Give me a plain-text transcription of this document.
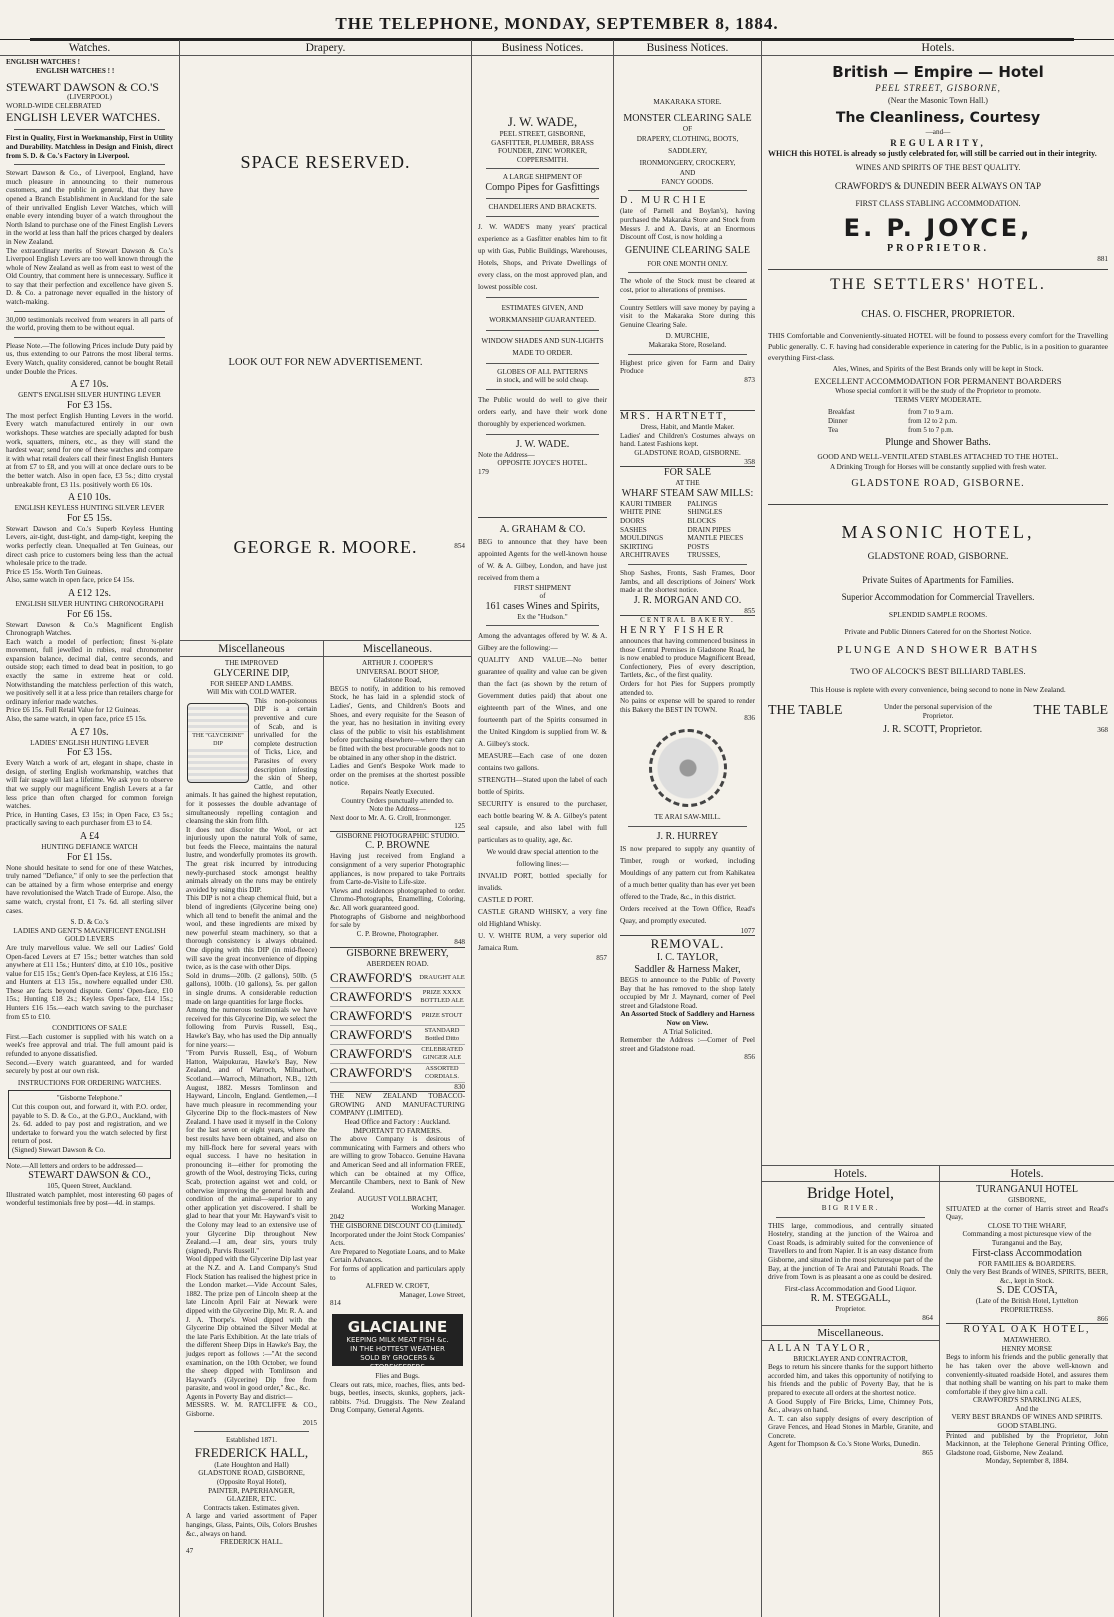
THE TELEPHONE, MONDAY, SEPTEMBER 8, 1884.
Watches.
ENGLISH WATCHES !
ENGLISH WATCHES ! !
STEWART DAWSON & CO.'S
(LIVERPOOL)
WORLD-WIDE CELEBRATED
ENGLISH LEVER WATCHES.
First in Quality, First in Workmanship, First in Utility and Durability. Matchless in Design and Finish, direct from S. D. & Co.'s Factory in Liverpool.
Stewart Dawson & Co., of Liverpool, England, have much pleasure in announcing to their numerous customers, and the public in general, that they have opened a Branch Establishment in Auckland for the sale of their unrivalled English Lever Watches, which will enable every intending buyer of a watch throughout the North Island to purchase one of the Finest English Levers in the world at less than half the prices charged by dealers in New Zealand.
The extraordinary merits of Stewart Dawson & Co.'s Liverpool English Levers are too well known through the whole of New Zealand as well as from east to west of the Old Country, that comment here is unnecessary. Suffice it to say that their perfection and excellence have given S. D. & Co. a patronage never equalled in the history of watch-making.
30,000 testimonials received from wearers in all parts of the world, proving them to be without equal.
Please Note.—The following Prices include Duty paid by us, thus extending to our Patrons the most liberal terms. Every Watch, quality considered, cannot be bought Retail under Double the Prices.
A £7 10s.
GENT'S ENGLISH SILVER HUNTING LEVER
For £3 15s.
The most perfect English Hunting Levers in the world. Every watch manufactured entirely in our own workshops. These watches are specially adapted for bush work, squatters, miners, etc., as they will stand the hardest wear; send for one of these watches and compare it with what retail dealers call their finest English Hunters at from £7 to £8, and you will at once declare ours to be the better watch. Also in open face, £3 5s.; ditto crystal unbreakable front, £3 11s. positively worth £6 10s.
A £10 10s.
ENGLISH KEYLESS HUNTING SILVER LEVER
For £5 15s.
Stewart Dawson and Co.'s Superb Keyless Hunting Levers, air-tight, dust-tight, and damp-tight, keeping the works perfectly clean. Unequalled at Ten Guineas, our direct cash price to customers being less than the actual wholesale price to the trade.
Price £5 15s. Worth Ten Guineas.
Also, same watch in open face, price £4 15s.
A £12 12s.
ENGLISH SILVER HUNTING CHRONOGRAPH
For £6 15s.
Stewart Dawson & Co.'s Magnificent English Chronograph Watches.
Each watch a model of perfection; finest ¾-plate movement, full jewelled in rubies, real chronometer expansion balance, decimal dial, centre seconds, and outside stop; each timed to dead beat in position, to go exactly the same in extreme heat or cold. Notwithstanding the matchless perfection of this watch, we positively sell it at a less price than retailers charge for ordinary inferior made watches.
Price £6 15s. Full Retail Value for 12 Guineas.
Also, the same watch, in open face, price £5 15s.
A £7 10s.
LADIES' ENGLISH HUNTING LEVER
For £3 15s.
Every Watch a work of art, elegant in shape, chaste in design, of sterling English workmanship, watches that will fair usage will last a lifetime. We ask you to observe that we supply our magnificent English Levers at a far less price than often charged for common foreign watches.
Price, in Hunting Cases, £3 15s; in Open Face, £3 5s.; practically saving to each purchaser from £3 to £4.
A £4
HUNTING DEFIANCE WATCH
For £1 15s.
None should hesitate to send for one of these Watches, truly named "Defiance," if only to see the perfection that can be attained by a firm whose enterprise and energy have revolutionised the Watch Trade of Europe. Also, the same watch, crystal front, £1 7s. 6d. all sterling silver cases.
S. D. & Co.'s
LADIES AND GENT'S MAGNIFICENT ENGLISH GOLD LEVERS
Are truly marvellous value. We sell our Ladies' Gold Open-faced Levers at £7 15s.; better watches than sold anywhere at £11 15s.; Hunters' ditto, at £10 10s., positive value for £15 15s.; Gent's Open-face Keyless, at £16 15s.; and Hunters at £13 15s., nowhere equalled under £30. These are facts beyond dispute. Gents' Open-face, £10 15s.; Hunting £18 2s.; Keyless Open-face, £14 15s.; Hunters £16 15s.—each watch saving to the purchaser from £5 to £10.
CONDITIONS OF SALE
First.—Each customer is supplied with his watch on a week's free approval and trial. The full amount paid is refunded to anyone dissatisfied.
Second.—Every watch guaranteed, and for warded securely by post at our own risk.
INSTRUCTIONS FOR ORDERING WATCHES.
"Gisborne Telephone."
Cut this coupon out, and forward it, with P.O. order, payable to S. D. & Co., at the G.P.O., Auckland, with 2s. 6d. added to pay post and registration, and we undertake to forward you the watch selected by first return of post.
(Signed) Stewart Dawson & Co.
Note.—All letters and orders to be addressed—
STEWART DAWSON & CO.,
105, Queen Street, Auckland.
Illustrated watch pamphlet, most interesting 60 pages of wonderful testimonials free by post—4d. in stamps.
Drapery.
SPACE RESERVED.
LOOK OUT FOR NEW ADVERTISEMENT.
GEORGE R. MOORE.	854
Miscellaneous
THE IMPROVED
GLYCERINE DIP,
FOR SHEEP AND LAMBS.
Will Mix with COLD WATER.
THE "GLYCERINE" DIP
This non-poisonous DIP is a certain preventive and cure of Scab, and is unrivalled for the complete destruction of Ticks, Lice, and Parasites of every description infesting the skin of Sheep, Cattle, and other animals. It has gained the highest reputation, for it possesses the double advantage of simultaneously repelling contagion and cleansing the skin from filth.
It does not discolor the Wool, or act injuriously upon the natural Yolk of same, but feeds the Fleece, maintains the natural lustre, and wonderfully promotes its growth. The great risk incurred by introducing newly-purchased stock amongst healthy animals already on the runs may be entirely avoided by using this DIP.
This DIP is not a cheap chemical fluid, but a blend of ingredients (Glycerine being one) which all tend to benefit the animal and the wool, and these ingredients are mixed by new powerful steam machinery, so that a thorough consistency is always obtained. One dipping with this DIP (in mid-fleece) will save the great inconvenience of dipping twice, as is the case with other Dips.
Sold in drums—20lb. (2 gallons), 50lb. (5 gallons), 100lb. (10 gallons), 5s. per gallon in single drums. A considerable reduction made on large quantities for large flocks.
Among the numerous testimonials we have received for this Glycerine Dip, we select the following from Purvis Russell, Esq., Hawke's Bay, who has used the Dip annually for nine years:—
"From Purvis Russell, Esq., of Woburn Hatton, Waipukurau, Hawke's Bay, New Zealand, and of Warroch, Milnathort, Scotland.—Warroch, Milnathort, N.B., 12th August, 1882. Messrs Tomlinson and Hayward, Lincoln, England. Gentlemen,—I have much pleasure in recommending your Glycerine Dip to the flock-masters of New Zealand. I have used it myself in the Colony for the last seven or eight years, where the best results have been obtained, and also on my hill-flock here for several years with equal success. I have no hesitation in pronouncing it—either for promoting the growth of the Wool, destroying Ticks, curing Scab, protection against wet and cold, or otherwise improving the general health and condition of the animal—superior to any other application yet discovered. I shall be glad to hear that your Mr. Hayward's visit to the Colony may lead to an extensive use of your Glycerine Dip throughout New Zealand.—I am, dear sirs, yours truly (signed), Purvis Russell."
Wool dipped with the Glycerine Dip last year at the N.Z. and A. Land Company's Stud Flock Station has realised the highest price in the London market.—Vide Account Sales, 1882. The prize pen of Lincoln sheep at the late Lincoln April Fair at Newark were dipped with the Glycerine Dip, Mr. R. A. and J. A. Thorpe's. Wool dipped with the Glycerine Dip obtained the Silver Medal at the late Paris Exhibition. At the late trials of the different Sheep Dips in Hawke's Bay, the judges report as follows :—"At the second examination, on the 10th October, we found the sheep dipped with Tomlinson and Hayward's (Glycerine) Dip free from parasite, and wool in good order," &c., &c.
Agents in Poverty Bay and district—
MESSRS. W. M. RATCLIFFE & CO., Gisborne.
2015
Established 1871.
FREDERICK HALL,
(Late Houghton and Hall)
GLADSTONE ROAD, GISBORNE,
(Opposite Royal Hotel),
PAINTER, PAPERHANGER,
GLAZIER, ETC.
Contracts taken. Estimates given.
A large and varied assortment of Paper hangings, Glass, Paints, Oils, Colors Brushes &c., always on hand.
FREDERICK HALL.
47
Miscellaneous.
ARTHUR J. COOPER'S
UNIVERSAL BOOT SHOP,
Gladstone Road,
BEGS to notify, in addition to his removed Stock, he has laid in a splendid stock of Ladies', Gents, and Children's Boots and Shoes, and every requisite for the Season of the year, has no hesitation in inviting every class of the public to visit his establishment before purchasing elsewhere—where they can be fitted with the best procurable goods not to be obtained in any other shop in the district.
Ladies and Gent's Bespoke Work made to order on the premises at the shortest possible notice.
Repairs Neatly Executed.
Country Orders punctually attended to.
Note the Address—
Next door to Mr. A. G. Croll, Ironmonger.
125
GISBORNE PHOTOGRAPHIC STUDIO.
C. P. BROWNE
Having just received from England a consignment of a very superior Photographic appliances, is now prepared to take Portraits from Carte-de-Visite to Life-size.
Views and residences photographed to order. Chromo-Photographs, Enamelling, Coloring, &c. All work guaranteed good.
Photographs of Gisborne and neighborhood for sale by
C. P. Browne, Photographer.
848
GISBORNE BREWERY,
ABERDEEN ROAD.
CRAWFORD'S DRAUGHT ALE
CRAWFORD'S	PRIZE XXXX BOTTLED ALE
CRAWFORD'S	PRIZE STOUT
CRAWFORD'S	STANDARD Bottled Ditto
CRAWFORD'S	CELEBRATED GINGER ALE
CRAWFORD'S	ASSORTED CORDIALS.
830
THE NEW ZEALAND TOBACCO-GROWING AND MANUFACTURING COMPANY (LIMITED).
Head Office and Factory : Auckland.
IMPORTANT TO FARMERS.
The above Company is desirous of communicating with Farmers and others who are willing to grow Tobacco. Genuine Havana and American Seed and all information FREE, which can be obtained at my Office, Mercantile Chambers, next to Bank of New Zealand.
AUGUST VOLLBRACHT,
Working Manager.
2042
THE GISBORNE DISCOUNT CO (Limited).
Incorporated under the Joint Stock Companies' Acts.
Are Prepared to Negotiate Loans, and to Make Certain Advances.
For forms of application and particulars apply to
ALFRED W. CROFT,
Manager, Lowe Street,
814
GLACIALINE
KEEPING MILK MEAT FISH &c.
IN THE HOTTEST WEATHER
SOLD BY GROCERS & STOREKEEPERS
Flies and Bugs.
Clears out rats, mice, roaches, flies, ants bed-bugs, beetles, insects, skunks, gophers, jack-rabbits. 7½d. Druggists. The New Zealand Drug Company, General Agents.
Business Notices.
J. W. WADE,
PEEL STREET, GISBORNE,
GASFITTER, PLUMBER, BRASS
FOUNDER, ZINC WORKER,
COPPERSMITH.
A LARGE SHIPMENT OF
Compo Pipes for Gasfittings
CHANDELIERS AND BRACKETS.
J. W. WADE'S many years' practical experience as a Gasfitter enables him to fit up with Gas, Public Buildings, Warehouses, Hotels, Shops, and Private Dwellings of every class, on the most approved plan, and lowest possible cost.
ESTIMATES GIVEN, AND WORKMANSHIP GUARANTEED.
WINDOW SHADES AND SUN-LIGHTS MADE TO ORDER.
GLOBES OF ALL PATTERNS
in stock, and will be sold cheap.
The Public would do well to give their orders early, and have their work done thoroughly by experienced workmen.
J. W. WADE.
Note the Address—
OPPOSITE JOYCE'S HOTEL.
179
A. GRAHAM & CO.
BEG to announce that they have been appointed Agents for the well-known house of W. & A. Gilbey, London, and have just received from them a
FIRST SHIPMENT
of
161 cases Wines and Spirits,
Ex the "Hudson."
Among the advantages offered by W. & A. Gilbey are the following:—
QUALITY AND VALUE—No better guarantee of quality and value can be given than the fact (as shown by the return of Government duties paid) that about one eighteenth part of the Wines, and one fourteenth part of the Spirits consumed in the United Kingdom is supplied from W. & A. Gilbey's stock.
MEASURE—Each case of one dozen contains two gallons.
STRENGTH—Stated upon the label of each bottle of Spirits.
SECURITY is ensured to the purchaser, each bottle bearing W. & A. Gilbey's patent seal capsule, and also label with full particulars as to quality, age, &c.
We would draw special attention to the following lines:—
INVALID PORT, bottled specially for invalids.
CASTLE D PORT.
CASTLE GRAND WHISKY, a very fine old Highland Whisky.
U. V. WHITE RUM, a very superior old Jamaica Rum.
857
Business Notices.
MAKARAKA STORE.
MONSTER CLEARING SALE
OF
DRAPERY, CLOTHING, BOOTS,
SADDLERY,
IRONMONGERY, CROCKERY,
AND
FANCY GOODS.
D. MURCHIE
(late of Parnell and Boylan's), having purchased the Makaraka Store and Stock from Messrs J. and A. Davis, at an Enormous Discount off Cost, is now holding a
GENUINE CLEARING SALE
FOR ONE MONTH ONLY.
The whole of the Stock must be cleared at cost, prior to alterations of premises.
Country Settlers will save money by paying a visit to the Makaraka Store during this Genuine Clearing Sale.
D. MURCHIE,
Makaraka Store, Roseland.
Highest price given for Farm and Dairy Produce
873
MRS. HARTNETT,
Dress, Habit, and Mantle Maker.
Ladies' and Children's Costumes always on hand. Latest Fashions kept.
GLADSTONE ROAD, GISBORNE.
358
FOR SALE
AT THE
WHARF STEAM SAW MILLS:
KAURI TIMBER	PALINGS
WHITE PINE	SHINGLES
DOORS	BLOCKS
SASHES	DRAIN PIPES
MOULDINGS	MANTLE PIECES
SKIRTING	POSTS
ARCHITRAVES	TRUSSES,
Shop Sashes, Fronts, Sash Frames, Door Jambs, and all descriptions of Joiners' Work made at the shortest notice.
J. R. MORGAN AND CO.
855
CENTRAL BAKERY.
HENRY FISHER
announces that having commenced business in those Central Premises in Gladstone Road, he is now enabled to produce Magnificent Bread, Confectionery, Pies of every description, Tartlets, &c., of the first quality.
Orders for hot Pies for Suppers promptly attended to.
No pains or expense will be spared to render this Bakery the BEST IN TOWN.
836
TE ARAI SAW-MILL.
J. R. HURREY
IS now prepared to supply any quantity of Timber, rough or worked, including Mouldings of any pattern cut from Kahikatea of a much better quality than has ever yet been offered to the Trade, &c., in this district.
Orders received at the Town Office, Read's Quay, and promptly executed.
1077
REMOVAL.
I. C. TAYLOR,
Saddler & Harness Maker,
BEGS to announce to the Public of Poverty Bay that he has removed to the shop lately occupied by Mr J. Maynard, corner of Peel street and Gladstone Road.
An Assorted Stock of Saddlery and Harness Now on View.
A Trial Solicited.
Remember the Address :—Corner of Peel street and Gladstone road.
856
Hotels.
British — Empire — Hotel
PEEL STREET, GISBORNE,
(Near the Masonic Town Hall.)
The Cleanliness, Courtesy
—and—
REGULARITY,
WHICH this HOTEL is already so justly celebrated for, will still be carried out in their integrity.
WINES AND SPIRITS OF THE BEST QUALITY.
CRAWFORD'S & DUNEDIN BEER ALWAYS ON TAP
FIRST CLASS STABLING ACCOMMODATION.
E. P. JOYCE,
PROPRIETOR.
881
THE SETTLERS' HOTEL.
CHAS. O. FISCHER, PROPRIETOR.
THIS Comfortable and Conveniently-situated HOTEL will be found to possess every comfort for the Travelling Public generally. C. F. having had considerable experience in catering for the Public, is in a position to guarantee everything First-class.
Ales, Wines, and Spirits of the Best Brands only will be kept in Stock.
EXCELLENT ACCOMMODATION FOR PERMANENT BOARDERS
Whose special comfort it will be the study of the Proprietor to promote.
TERMS VERY MODERATE.
Breakfast	from 7 to 9 a.m.
Dinner	from 12 to 2 p.m.
Tea	from 5 to 7 p.m.
Plunge and Shower Baths.
GOOD AND WELL-VENTILATED STABLES ATTACHED TO THE HOTEL.
A Drinking Trough for Horses will be constantly supplied with fresh water.
GLADSTONE ROAD, GISBORNE.
MASONIC HOTEL,
GLADSTONE ROAD, GISBORNE.
Private Suites of Apartments for Families.
Superior Accommodation for Commercial Travellers.
SPLENDID SAMPLE ROOMS.
Private and Public Dinners Catered for on the Shortest Notice.
PLUNGE AND SHOWER BATHS
TWO OF ALCOCK'S BEST BILLIARD TABLES.
This House is replete with every convenience, being second to none in New Zealand.
THE TABLE	Under the personal supervision of the Proprietor.	THE TABLE
J. R. SCOTT, Proprietor.	368
Hotels.
Bridge Hotel,
BIG RIVER.
THIS large, commodious, and centrally situated Hostelry, standing at the junction of the Wairoa and Coast Roads, is admirably suited for the convenience of Travellers to and from Napier. It is an easy distance from Gisborne, and situated in the most picturesque part of the Bay, at the junction of Te Arai and Patutahi Roads. The drive from Town is as pleasant a one as could be desired.
First-class Accommodation and Good Liquor.
R. M. STEGGALL,
Proprietor.
864
Miscellaneous.
ALLAN TAYLOR,
BRICKLAYER AND CONTRACTOR,
Begs to return his sincere thanks for the support hitherto accorded him, and takes this opportunity of notifying to his friends and the public of Poverty Bay, that he is prepared to execute all orders at the shortest notice.
A Good Supply of Fire Bricks, Lime, Chimney Pots, &c., always on hand.
A. T. can also supply designs of every description of Grave Fences, and Head Stones in Marble, Granite, and Concrete.
Agent for Thompson & Co.'s Stone Works, Dunedin.
865
Hotels.
TURANGANUI HOTEL
GISBORNE,
SITUATED at the corner of Harris street and Read's Quay,
CLOSE TO THE WHARF,
Commanding a most picturesque view of the Turanganui and the Bay,
First-class Accommodation
FOR FAMILIES & BOARDERS.
Only the very Best Brands of WINES, SPIRITS, BEER, &c., kept in Stock.
S. DE COSTA,
(Late of the British Hotel, Lyttelton
PROPRIETRESS.
866
ROYAL OAK HOTEL,
MATAWHERO.
HENRY MORSE
Begs to inform his friends and the public generally that he has taken over the above well-known and conveniently-situated roadside Hotel, and assures them that nothing shall be wanting on his part to make them comfortable if they give him a call.
CRAWFORD'S SPARKLING ALES,
And the
VERY BEST BRANDS OF WINES AND SPIRITS.
GOOD STABLING.
Printed and published by the Proprietor, John Mackinnon, at the Telephone General Printing Office, Gladstone road, Gisborne, New Zealand.
Monday, September 8, 1884.
